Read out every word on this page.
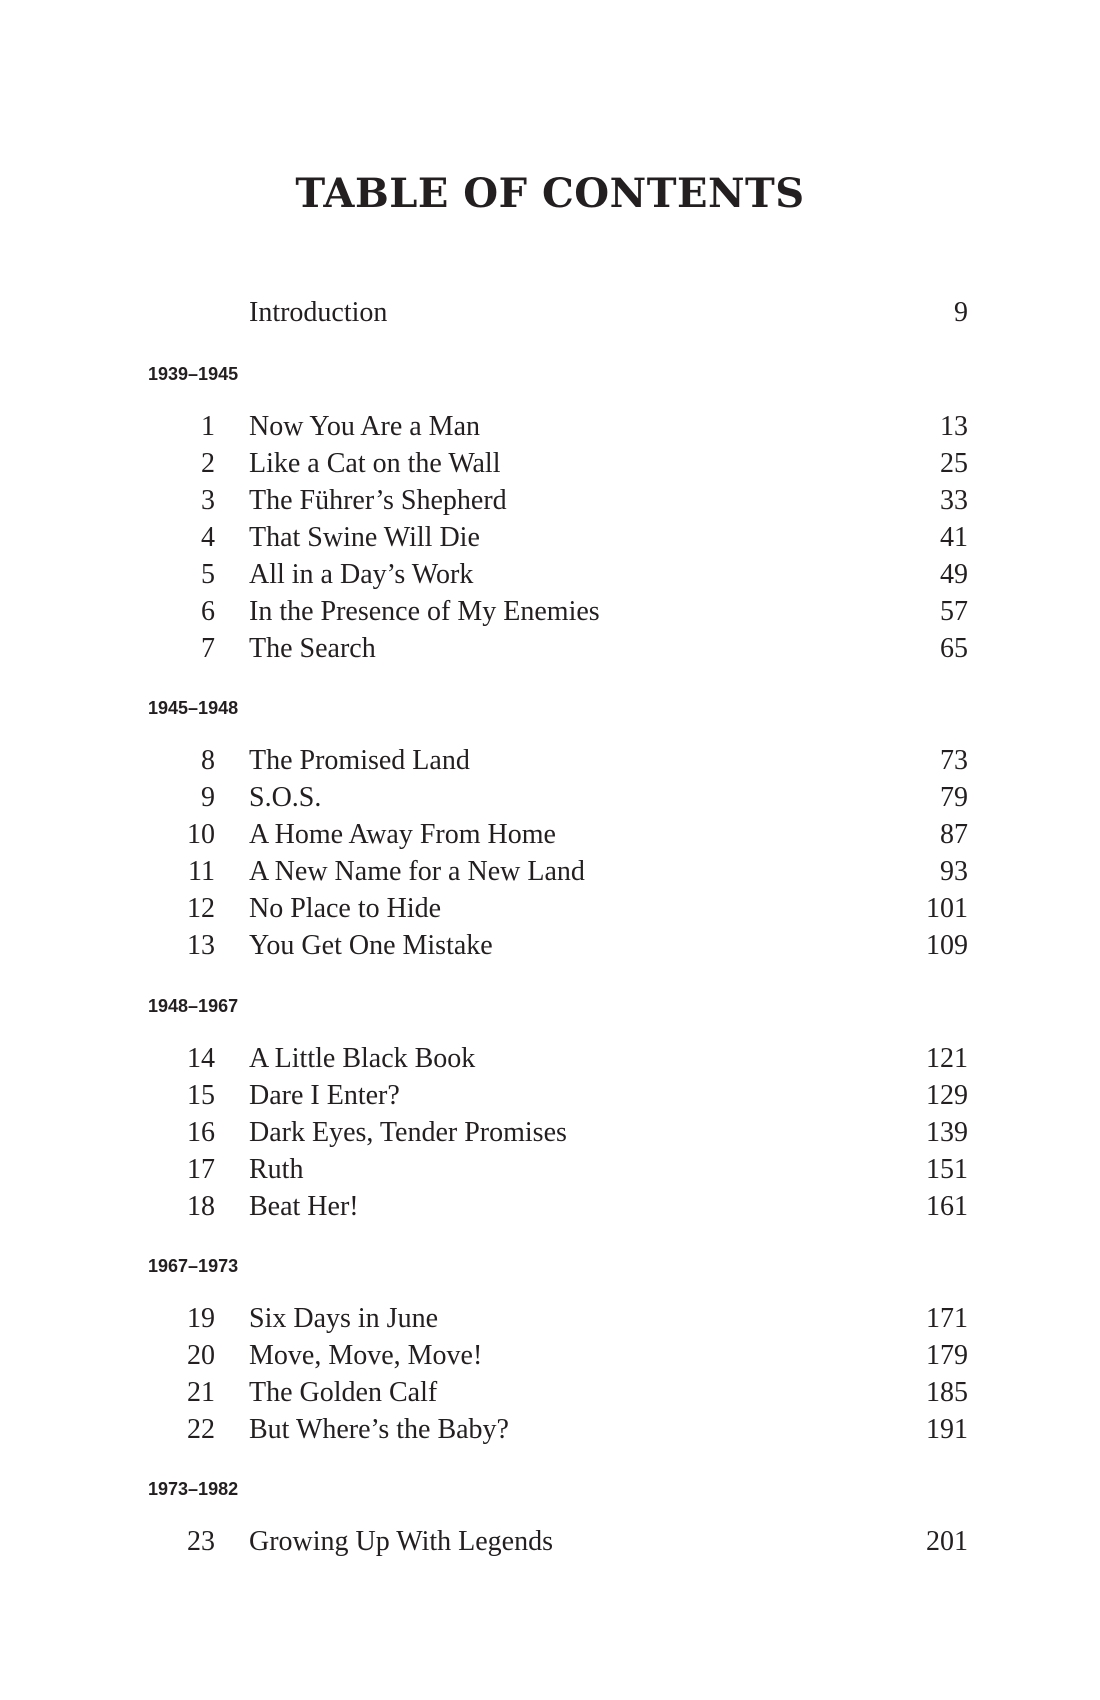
TABLE OF CONTENTS
Introduction	9
1939–1945
1 Now You Are a Man	13
2 Like a Cat on the Wall	25
3 The Führer’s Shepherd	33
4 That Swine Will Die	41
5 All in a Day’s Work	49
6 In the Presence of My Enemies	57
7 The Search	65
1945–1948
8 The Promised Land	73
9 S.O.S.	79
10 A Home Away From Home	87
11 A New Name for a New Land	93
12 No Place to Hide	101
13 You Get One Mistake	109
1948–1967
14 A Little Black Book	121
15 Dare I Enter?	129
16 Dark Eyes, Tender Promises	139
17 Ruth	151
18 Beat Her!	161
1967–1973
19 Six Days in June	171
20 Move, Move, Move!	179
21 The Golden Calf	185
22 But Where’s the Baby?	191
1973–1982
23 Growing Up With Legends	201
